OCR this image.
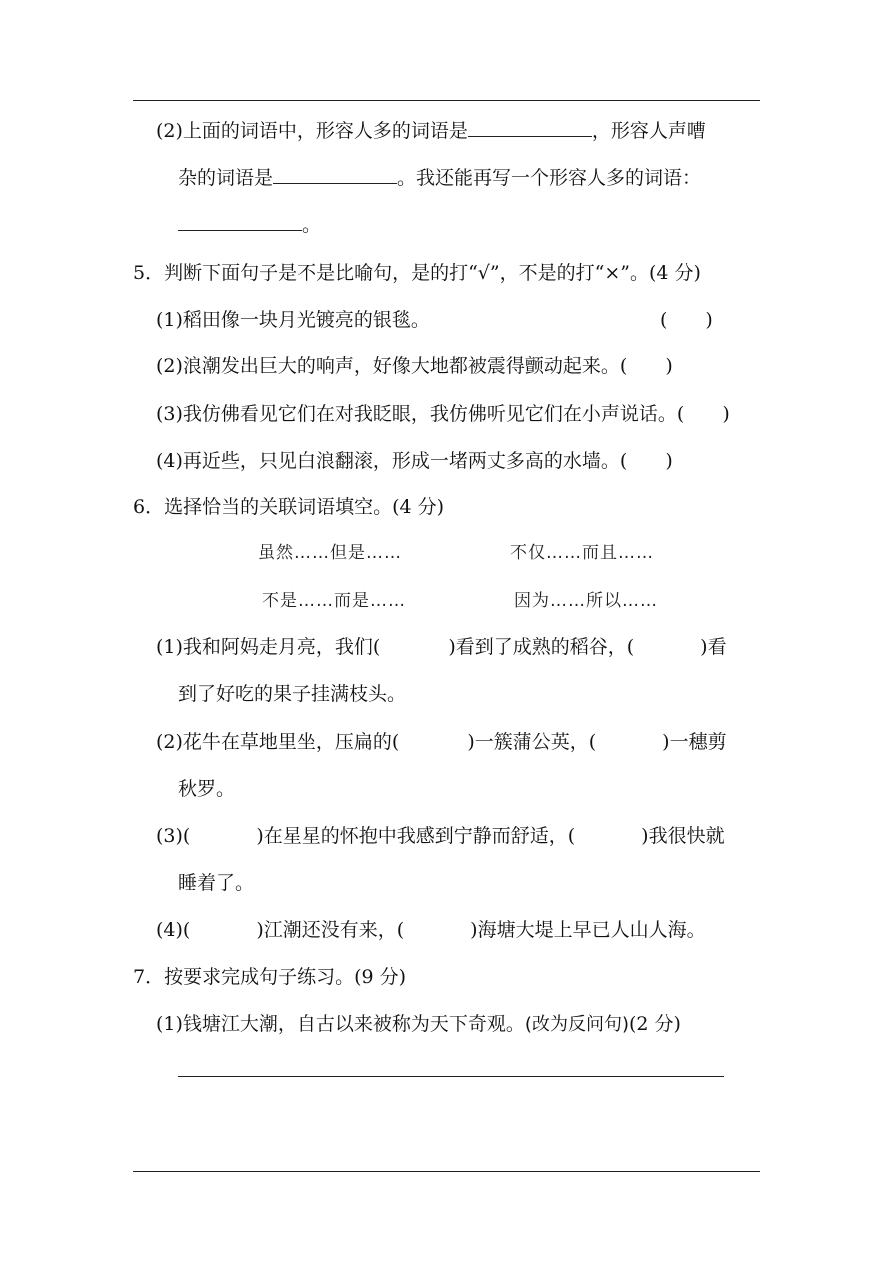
(2)上面的词语中，形容人多的词语是	，形容人声嘈
杂的词语是	。我还能再写一个形容人多的词语：
。
5．判断下面句子是不是比喻句，是的打“√”，不是的打“×”。(4 分)
(1)稻田像一块月光镀亮的银毯。	(　　)
(2)浪潮发出巨大的响声，好像大地都被震得颤动起来。(　　)
(3)我仿佛看见它们在对我眨眼，我仿佛听见它们在小声说话。(　　)
(4)再近些，只见白浪翻滚，形成一堵两丈多高的水墙。(　　)
6．选择恰当的关联词语填空。(4 分)
虽然……但是……	不仅……而且……
不是……而是……	因为……所以……
(1)我和阿妈走月亮，我们(	)看到了成熟的稻谷，(	)看
到了好吃的果子挂满枝头。
(2)花牛在草地里坐，压扁的(	)一簇蒲公英，(	)一穗剪
秋罗。
(3)(	)在星星的怀抱中我感到宁静而舒适，(	)我很快就
睡着了。
(4)(	)江潮还没有来，(	)海塘大堤上早已人山人海。
7．按要求完成句子练习。(9 分)
(1)钱塘江大潮，自古以来被称为天下奇观。(改为反问句)(2 分)
